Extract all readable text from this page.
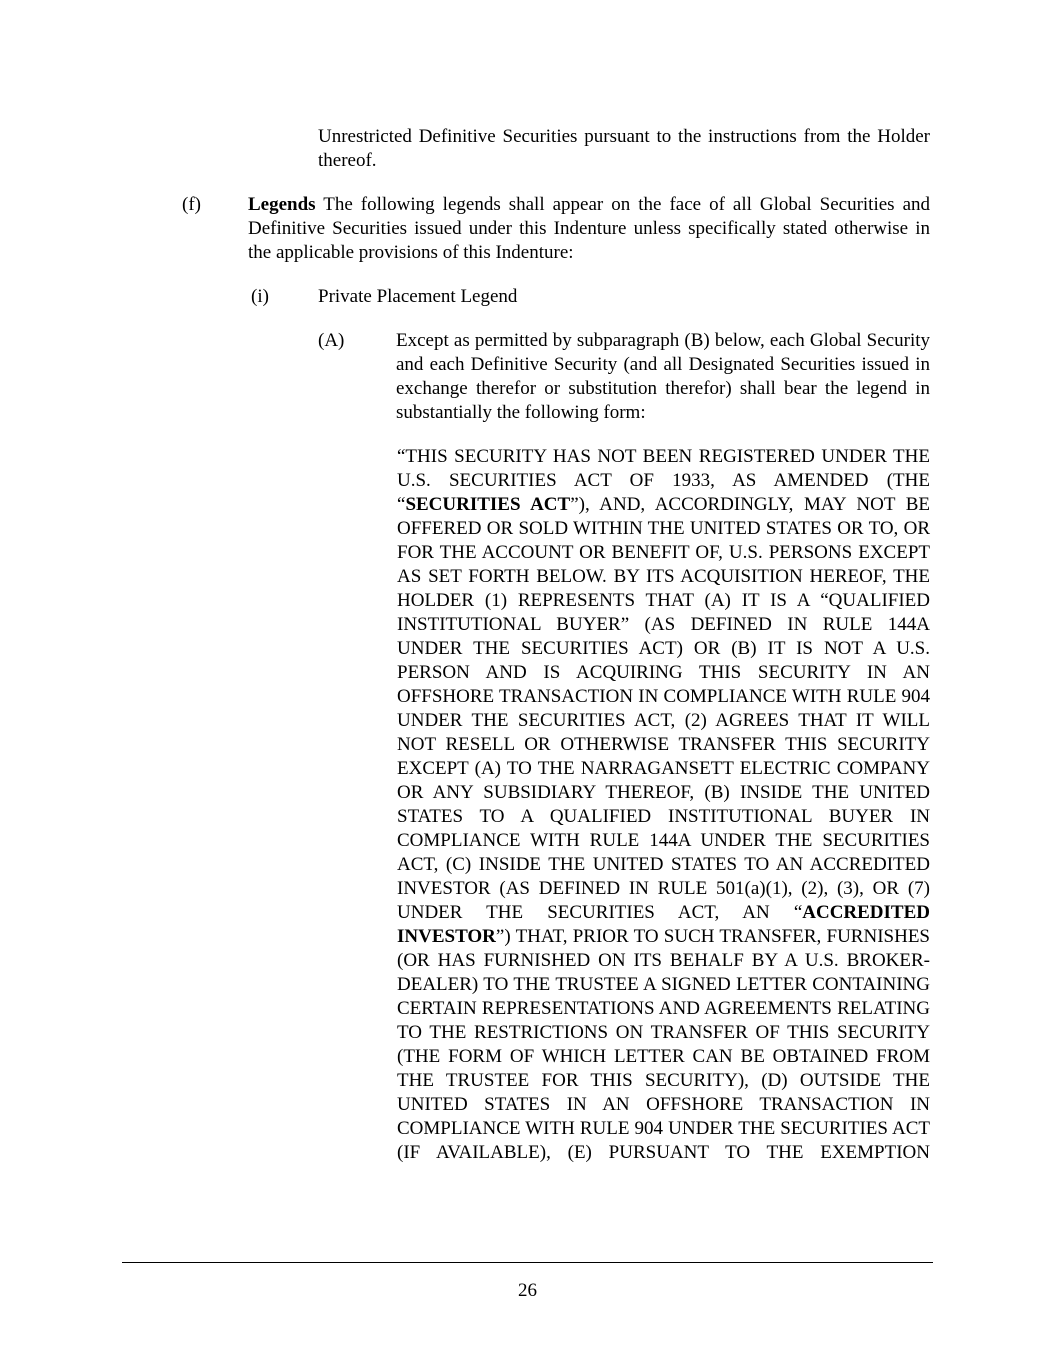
Unrestricted Definitive Securities pursuant to the instructions from the Holder thereof.
(f) Legends The following legends shall appear on the face of all Global Securities and Definitive Securities issued under this Indenture unless specifically stated otherwise in the applicable provisions of this Indenture:
(i)	Private Placement Legend
(A)	Except as permitted by subparagraph (B) below, each Global Security and each Definitive Security (and all Designated Securities issued in exchange therefor or substitution therefor) shall bear the legend in substantially the following form:
“THIS SECURITY HAS NOT BEEN REGISTERED UNDER THE U.S. SECURITIES ACT OF 1933, AS AMENDED (THE “SECURITIES ACT”), AND, ACCORDINGLY, MAY NOT BE OFFERED OR SOLD WITHIN THE UNITED STATES OR TO, OR FOR THE ACCOUNT OR BENEFIT OF, U.S. PERSONS EXCEPT AS SET FORTH BELOW. BY ITS ACQUISITION HEREOF, THE HOLDER (1) REPRESENTS THAT (A) IT IS A “QUALIFIED INSTITUTIONAL BUYER” (AS DEFINED IN RULE 144A UNDER THE SECURITIES ACT) OR (B) IT IS NOT A U.S. PERSON AND IS ACQUIRING THIS SECURITY IN AN OFFSHORE TRANSACTION IN COMPLIANCE WITH RULE 904 UNDER THE SECURITIES ACT, (2) AGREES THAT IT WILL NOT RESELL OR OTHERWISE TRANSFER THIS SECURITY EXCEPT (A) TO THE NARRAGANSETT ELECTRIC COMPANY OR ANY SUBSIDIARY THEREOF, (B) INSIDE THE UNITED STATES TO A QUALIFIED INSTITUTIONAL BUYER IN COMPLIANCE WITH RULE 144A UNDER THE SECURITIES ACT, (C) INSIDE THE UNITED STATES TO AN ACCREDITED INVESTOR (AS DEFINED IN RULE 501(a)(1), (2), (3), OR (7) UNDER THE SECURITIES ACT, AN “ACCREDITED INVESTOR”) THAT, PRIOR TO SUCH TRANSFER, FURNISHES (OR HAS FURNISHED ON ITS BEHALF BY A U.S. BROKER-DEALER) TO THE TRUSTEE A SIGNED LETTER CONTAINING CERTAIN REPRESENTATIONS AND AGREEMENTS RELATING TO THE RESTRICTIONS ON TRANSFER OF THIS SECURITY (THE FORM OF WHICH LETTER CAN BE OBTAINED FROM THE TRUSTEE FOR THIS SECURITY), (D) OUTSIDE THE UNITED STATES IN AN OFFSHORE TRANSACTION IN COMPLIANCE WITH RULE 904 UNDER THE SECURITIES ACT (IF AVAILABLE), (E) PURSUANT TO THE EXEMPTION
26
